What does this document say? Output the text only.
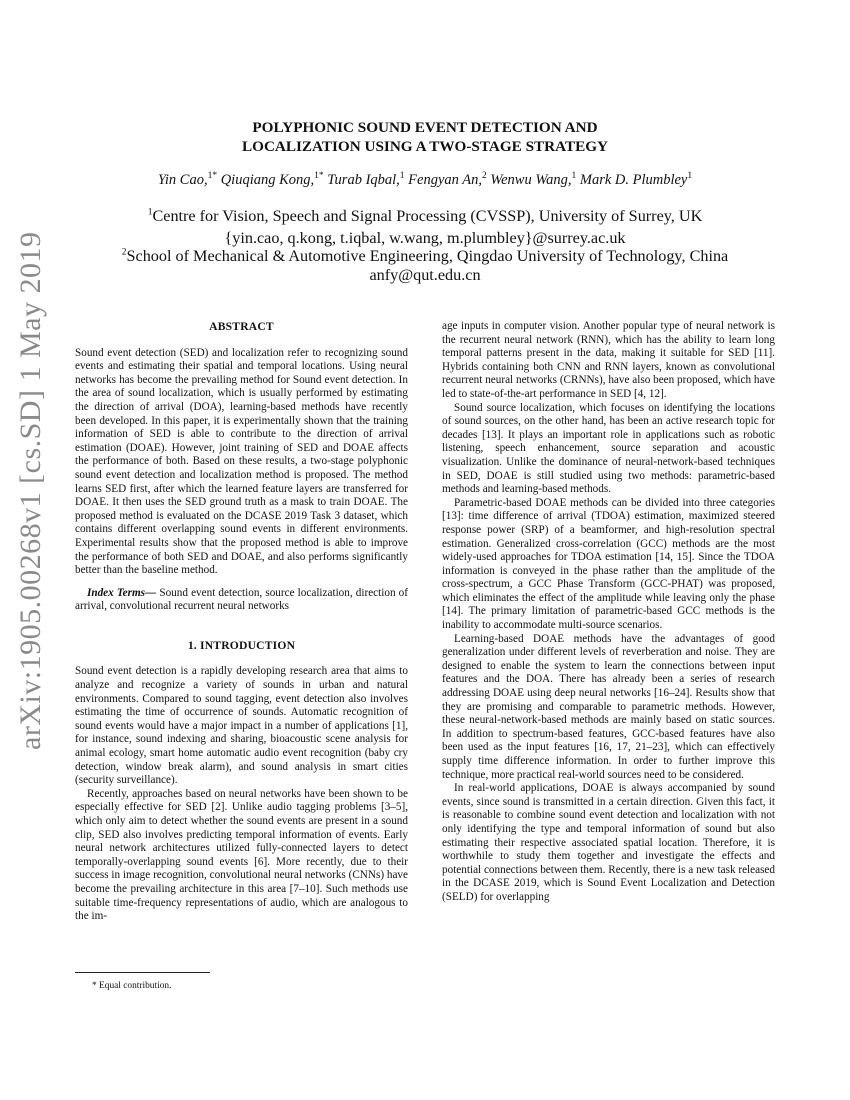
arXiv:1905.00268v1 [cs.SD] 1 May 2019
POLYPHONIC SOUND EVENT DETECTION AND
LOCALIZATION USING A TWO-STAGE STRATEGY
Yin Cao,$^{1*}$ Qiuqiang Kong,$^{1*}$ Turab Iqbal,$^1$ Fengyan An,$^2$ Wenwu Wang,$^1$ Mark D. Plumbley$^1$
$^1$Centre for Vision, Speech and Signal Processing (CVSSP), University of Surrey, UK
{yin.cao, q.kong, t.iqbal, w.wang, m.plumbley}@surrey.ac.uk
$^2$School of Mechanical & Automotive Engineering, Qingdao University of Technology, China
anfy@qut.edu.cn
ABSTRACT

Sound event detection (SED) and localization refer to recognizing sound events and estimating their spatial and temporal locations. Using neural networks has become the prevailing method for Sound event detection. In the area of sound localization, which is usually performed by estimating the direction of arrival (DOA), learning-based methods have recently been developed. In this paper, it is experimentally shown that the training information of SED is able to contribute to the direction of arrival estimation (DOAE). However, joint training of SED and DOAE affects the performance of both. Based on these results, a two-stage polyphonic sound event detection and localization method is proposed. The method learns SED first, after which the learned feature layers are transferred for DOAE. It then uses the SED ground truth as a mask to train DOAE. The proposed method is evaluated on the DCASE 2019 Task 3 dataset, which contains different overlapping sound events in different environments. Experimental results show that the proposed method is able to improve the performance of both SED and DOAE, and also performs significantly better than the baseline method.

Index Terms— Sound event detection, source localization, direction of arrival, convolutional recurrent neural networks

1. INTRODUCTION

Sound event detection is a rapidly developing research area that aims to analyze and recognize a variety of sounds in urban and natural environments. Compared to sound tagging, event detection also involves estimating the time of occurrence of sounds. Automatic recognition of sound events would have a major impact in a number of applications [1], for instance, sound indexing and sharing, bioacoustic scene analysis for animal ecology, smart home automatic audio event recognition (baby cry detection, window break alarm), and sound analysis in smart cities (security surveillance).

Recently, approaches based on neural networks have been shown to be especially effective for SED [2]. Unlike audio tagging problems [3–5], which only aim to detect whether the sound events are present in a sound clip, SED also involves predicting temporal information of events. Early neural network architectures utilized fully-connected layers to detect temporally-overlapping sound events [6]. More recently, due to their success in image recognition, convolutional neural networks (CNNs) have become the prevailing architecture in this area [7–10]. Such methods use suitable time-frequency representations of audio, which are analogous to the im-

age inputs in computer vision. Another popular type of neural network is the recurrent neural network (RNN), which has the ability to learn long temporal patterns present in the data, making it suitable for SED [11]. Hybrids containing both CNN and RNN layers, known as convolutional recurrent neural networks (CRNNs), have also been proposed, which have led to state-of-the-art performance in SED [4, 12].

Sound source localization, which focuses on identifying the locations of sound sources, on the other hand, has been an active research topic for decades [13]. It plays an important role in applications such as robotic listening, speech enhancement, source separation and acoustic visualization. Unlike the dominance of neural-network-based techniques in SED, DOAE is still studied using two methods: parametric-based methods and learning-based methods.

Parametric-based DOAE methods can be divided into three categories [13]: time difference of arrival (TDOA) estimation, maximized steered response power (SRP) of a beamformer, and high-resolution spectral estimation. Generalized cross-correlation (GCC) methods are the most widely-used approaches for TDOA estimation [14, 15]. Since the TDOA information is conveyed in the phase rather than the amplitude of the cross-spectrum, a GCC Phase Transform (GCC-PHAT) was proposed, which eliminates the effect of the amplitude while leaving only the phase [14]. The primary limitation of parametric-based GCC methods is the inability to accommodate multi-source scenarios.

Learning-based DOAE methods have the advantages of good generalization under different levels of reverberation and noise. They are designed to enable the system to learn the connections between input features and the DOA. There has already been a series of research addressing DOAE using deep neural networks [16–24]. Results show that they are promising and comparable to parametric methods. However, these neural-network-based methods are mainly based on static sources. In addition to spectrum-based features, GCC-based features have also been used as the input features [16, 17, 21–23], which can effectively supply time difference information. In order to further improve this technique, more practical real-world sources need to be considered.

In real-world applications, DOAE is always accompanied by sound events, since sound is transmitted in a certain direction. Given this fact, it is reasonable to combine sound event detection and localization with not only identifying the type and temporal information of sound but also estimating their respective associated spatial location. Therefore, it is worthwhile to study them together and investigate the effects and potential connections between them. Recently, there is a new task released in the DCASE 2019, which is Sound Event Localization and Detection (SELD) for overlapping

* Equal contribution.
